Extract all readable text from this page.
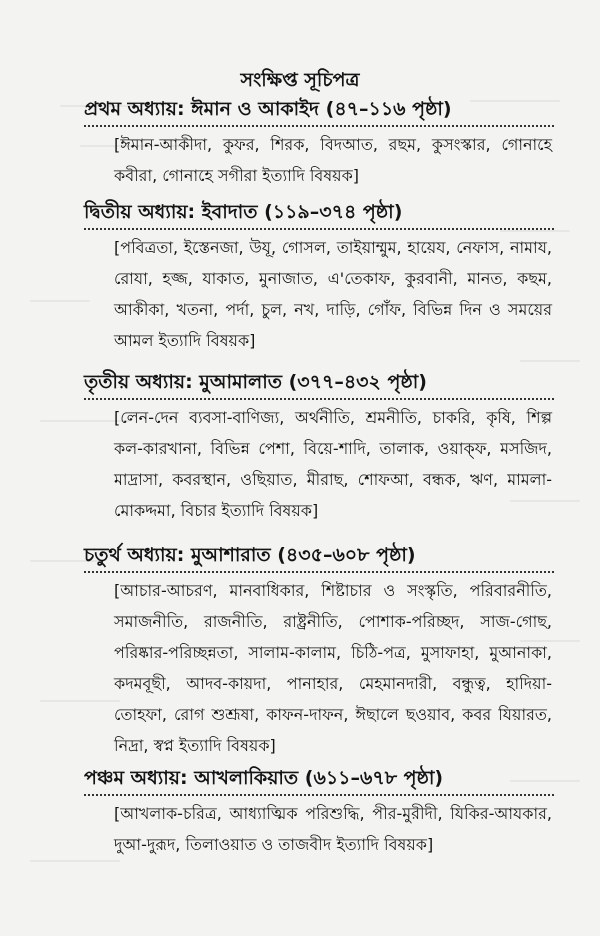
সংক্ষিপ্ত সূচিপত্র
প্রথম অধ্যায়: ঈমান ও আকাইদ (৪৭–১১৬ পৃষ্ঠা)
[ঈমান-আকীদা, কুফর, শিরক, বিদআত, রছম, কুসংস্কার, গোনাহে কবীরা, গোনাহে সগীরা ইত্যাদি বিষয়ক]
দ্বিতীয় অধ্যায়: ইবাদাত (১১৯–৩৭৪ পৃষ্ঠা)
[পবিত্রতা, ইস্তেনজা, উযূ, গোসল, তাইয়াম্মুম, হায়েয, নেফাস, নামায, রোযা, হজ্জ, যাকাত, মুনাজাত, এ'তেকাফ, কুরবানী, মানত, কছম, আকীকা, খতনা, পর্দা, চুল, নখ, দাড়ি, গোঁফ, বিভিন্ন দিন ও সময়ের আমল ইত্যাদি বিষয়ক]
তৃতীয় অধ্যায়: মুআমালাত (৩৭৭–৪৩২ পৃষ্ঠা)
[লেন-দেন ব্যবসা-বাণিজ্য, অর্থনীতি, শ্রমনীতি, চাকরি, কৃষি, শিল্প কল-কারখানা, বিভিন্ন পেশা, বিয়ে-শাদি, তালাক, ওয়াক্‌ফ, মসজিদ, মাদ্রাসা, কবরস্থান, ওছিয়াত, মীরাছ, শোফআ, বন্ধক, ঋণ, মামলা-মোকদ্দমা, বিচার ইত্যাদি বিষয়ক]
চতুর্থ অধ্যায়: মুআশারাত (৪৩৫–৬০৮ পৃষ্ঠা)
[আচার-আচরণ, মানবাধিকার, শিষ্টাচার ও সংস্কৃতি, পরিবারনীতি, সমাজনীতি, রাজনীতি, রাষ্ট্রনীতি, পোশাক-পরিচ্ছদ, সাজ-গোছ, পরিষ্কার-পরিচ্ছন্নতা, সালাম-কালাম, চিঠি-পত্র, মুসাফাহা, মুআনাকা, কদমবূছী, আদব-কায়দা, পানাহার, মেহমানদারী, বন্ধুত্ব, হাদিয়া-তোহফা, রোগ শুশ্রূষা, কাফন-দাফন, ঈছালে ছওয়াব, কবর যিয়ারত, নিদ্রা, স্বপ্ন ইত্যাদি বিষয়ক]
পঞ্চম অধ্যায়: আখলাকিয়াত (৬১১–৬৭৮ পৃষ্ঠা)
[আখলাক-চরিত্র, আধ্যাত্মিক পরিশুদ্ধি, পীর-মুরীদী, যিকির-আযকার, দুআ-দুরূদ, তিলাওয়াত ও তাজবীদ ইত্যাদি বিষয়ক]
